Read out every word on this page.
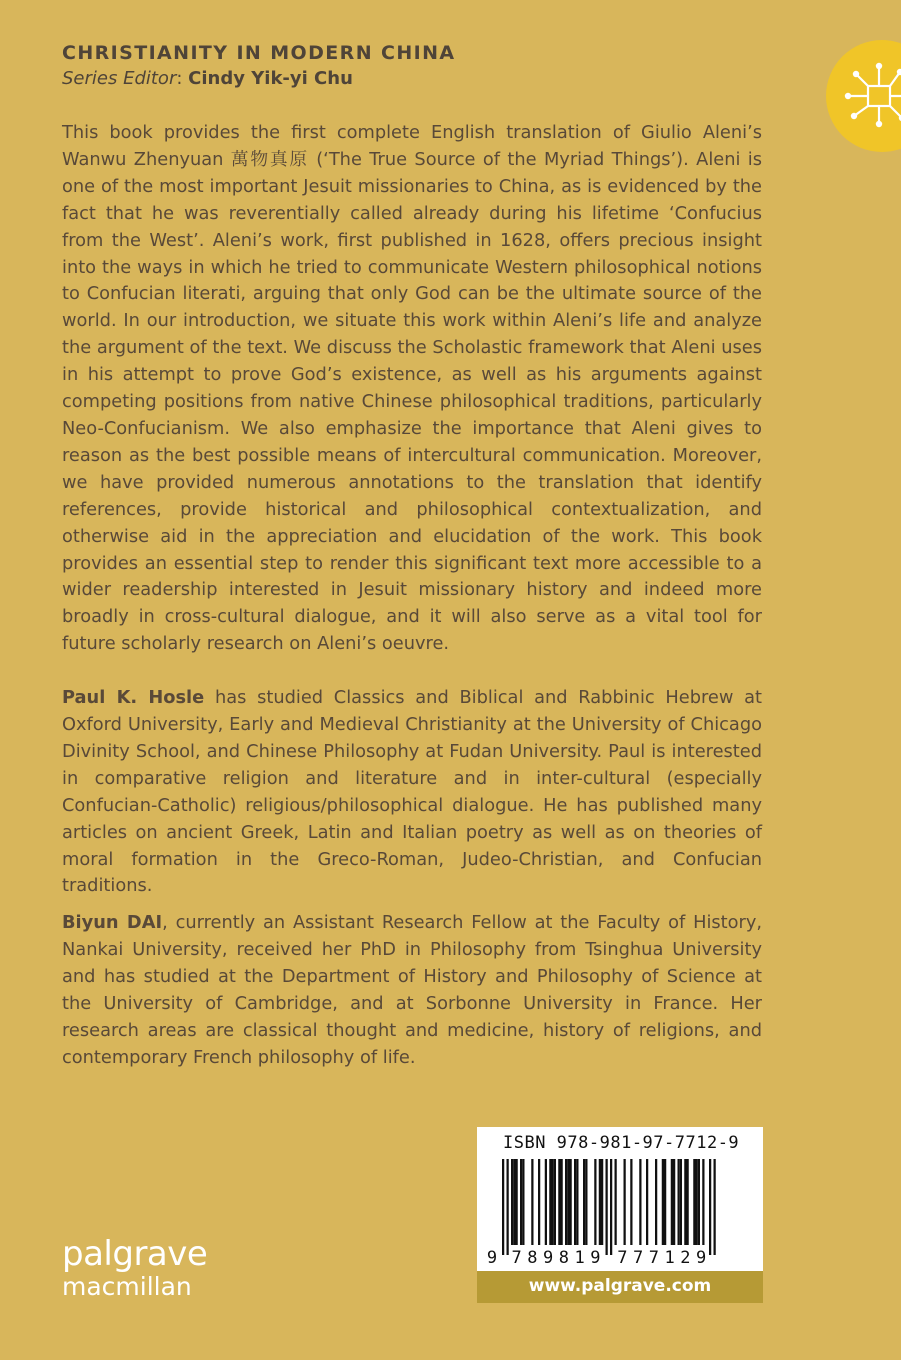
CHRISTIANITY IN MODERN CHINA
Series Editor: Cindy Yik-yi Chu

This book provides the first complete English translation of Giulio Aleni’s Wanwu Zhenyuan 萬物真原 (‘The True Source of the Myriad Things’). Aleni is one of the most important Jesuit missionaries to China, as is evidenced by the fact that he was reverentially called already during his lifetime ‘Confucius from the West’. Aleni’s work, first published in 1628, offers precious insight into the ways in which he tried to communicate Western philosophical notions to Confucian literati, arguing that only God can be the ultimate source of the world. In our introduction, we situate this work within Aleni’s life and analyze the argument of the text. We discuss the Scholastic framework that Aleni uses in his attempt to prove God’s existence, as well as his arguments against competing positions from native Chinese philosophical traditions, particularly Neo-Confucianism. We also emphasize the importance that Aleni gives to reason as the best possible means of intercultural communication. Moreover, we have provided numerous annotations to the translation that identify references, provide historical and philosophical contextualization, and otherwise aid in the appreciation and elucidation of the work. This book provides an essential step to render this significant text more accessible to a wider readership interested in Jesuit missionary history and indeed more broadly in cross-cultural dialogue, and it will also serve as a vital tool for future scholarly research on Aleni’s oeuvre.

Paul K. Hosle has studied Classics and Biblical and Rabbinic Hebrew at Oxford University, Early and Medieval Christianity at the University of Chicago Divinity School, and Chinese Philosophy at Fudan University. Paul is interested in comparative religion and literature and in inter-cultural (especially Confucian-Catholic) religious/philosophical dialogue. He has published many articles on ancient Greek, Latin and Italian poetry as well as on theories of moral formation in the Greco-Roman, Judeo-Christian, and Confucian traditions.

Biyun DAI, currently an Assistant Research Fellow at the Faculty of History, Nankai University, received her PhD in Philosophy from Tsinghua University and has studied at the Department of History and Philosophy of Science at the University of Cambridge, and at Sorbonne University in France. Her research areas are classical thought and medicine, history of religions, and contemporary French philosophy of life.

ISBN 978-981-97-7712-9
9 7 8 9 8 1 9 7 7 7 1 2 9
www.palgrave.com
palgrave
macmillan
